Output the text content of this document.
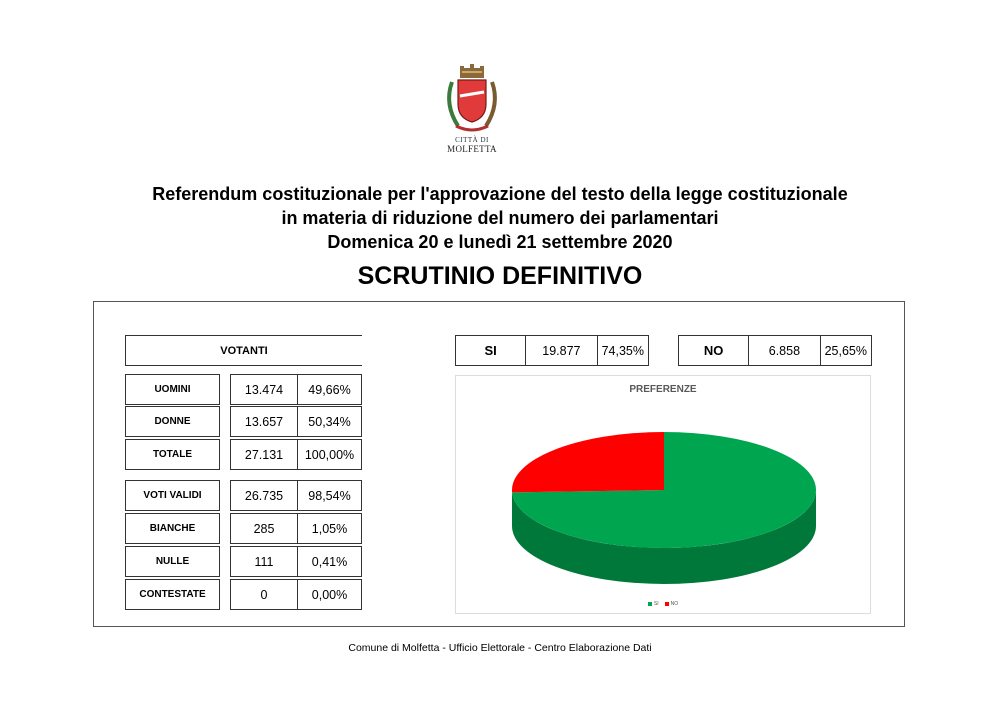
CITTÀ DI
MOLFETTA
Referendum costituzionale per l'approvazione del testo della legge costituzionale
in materia di riduzione del numero dei parlamentari
Domenica 20 e lunedì 21 settembre 2020
SCRUTINIO DEFINITIVO
VOTANTI
UOMINI	13.474	49,66%
DONNE	13.657	50,34%
TOTALE	27.131	100,00%
VOTI VALIDI	26.735	98,54%
BIANCHE	285	1,05%
NULLE	111	0,41%
CONTESTATE	0	0,00%
SI	19.877	74,35%	NO	6.858	25,65%
PREFERENZE
SI NO
Comune di Molfetta - Ufficio Elettorale - Centro Elaborazione Dati
